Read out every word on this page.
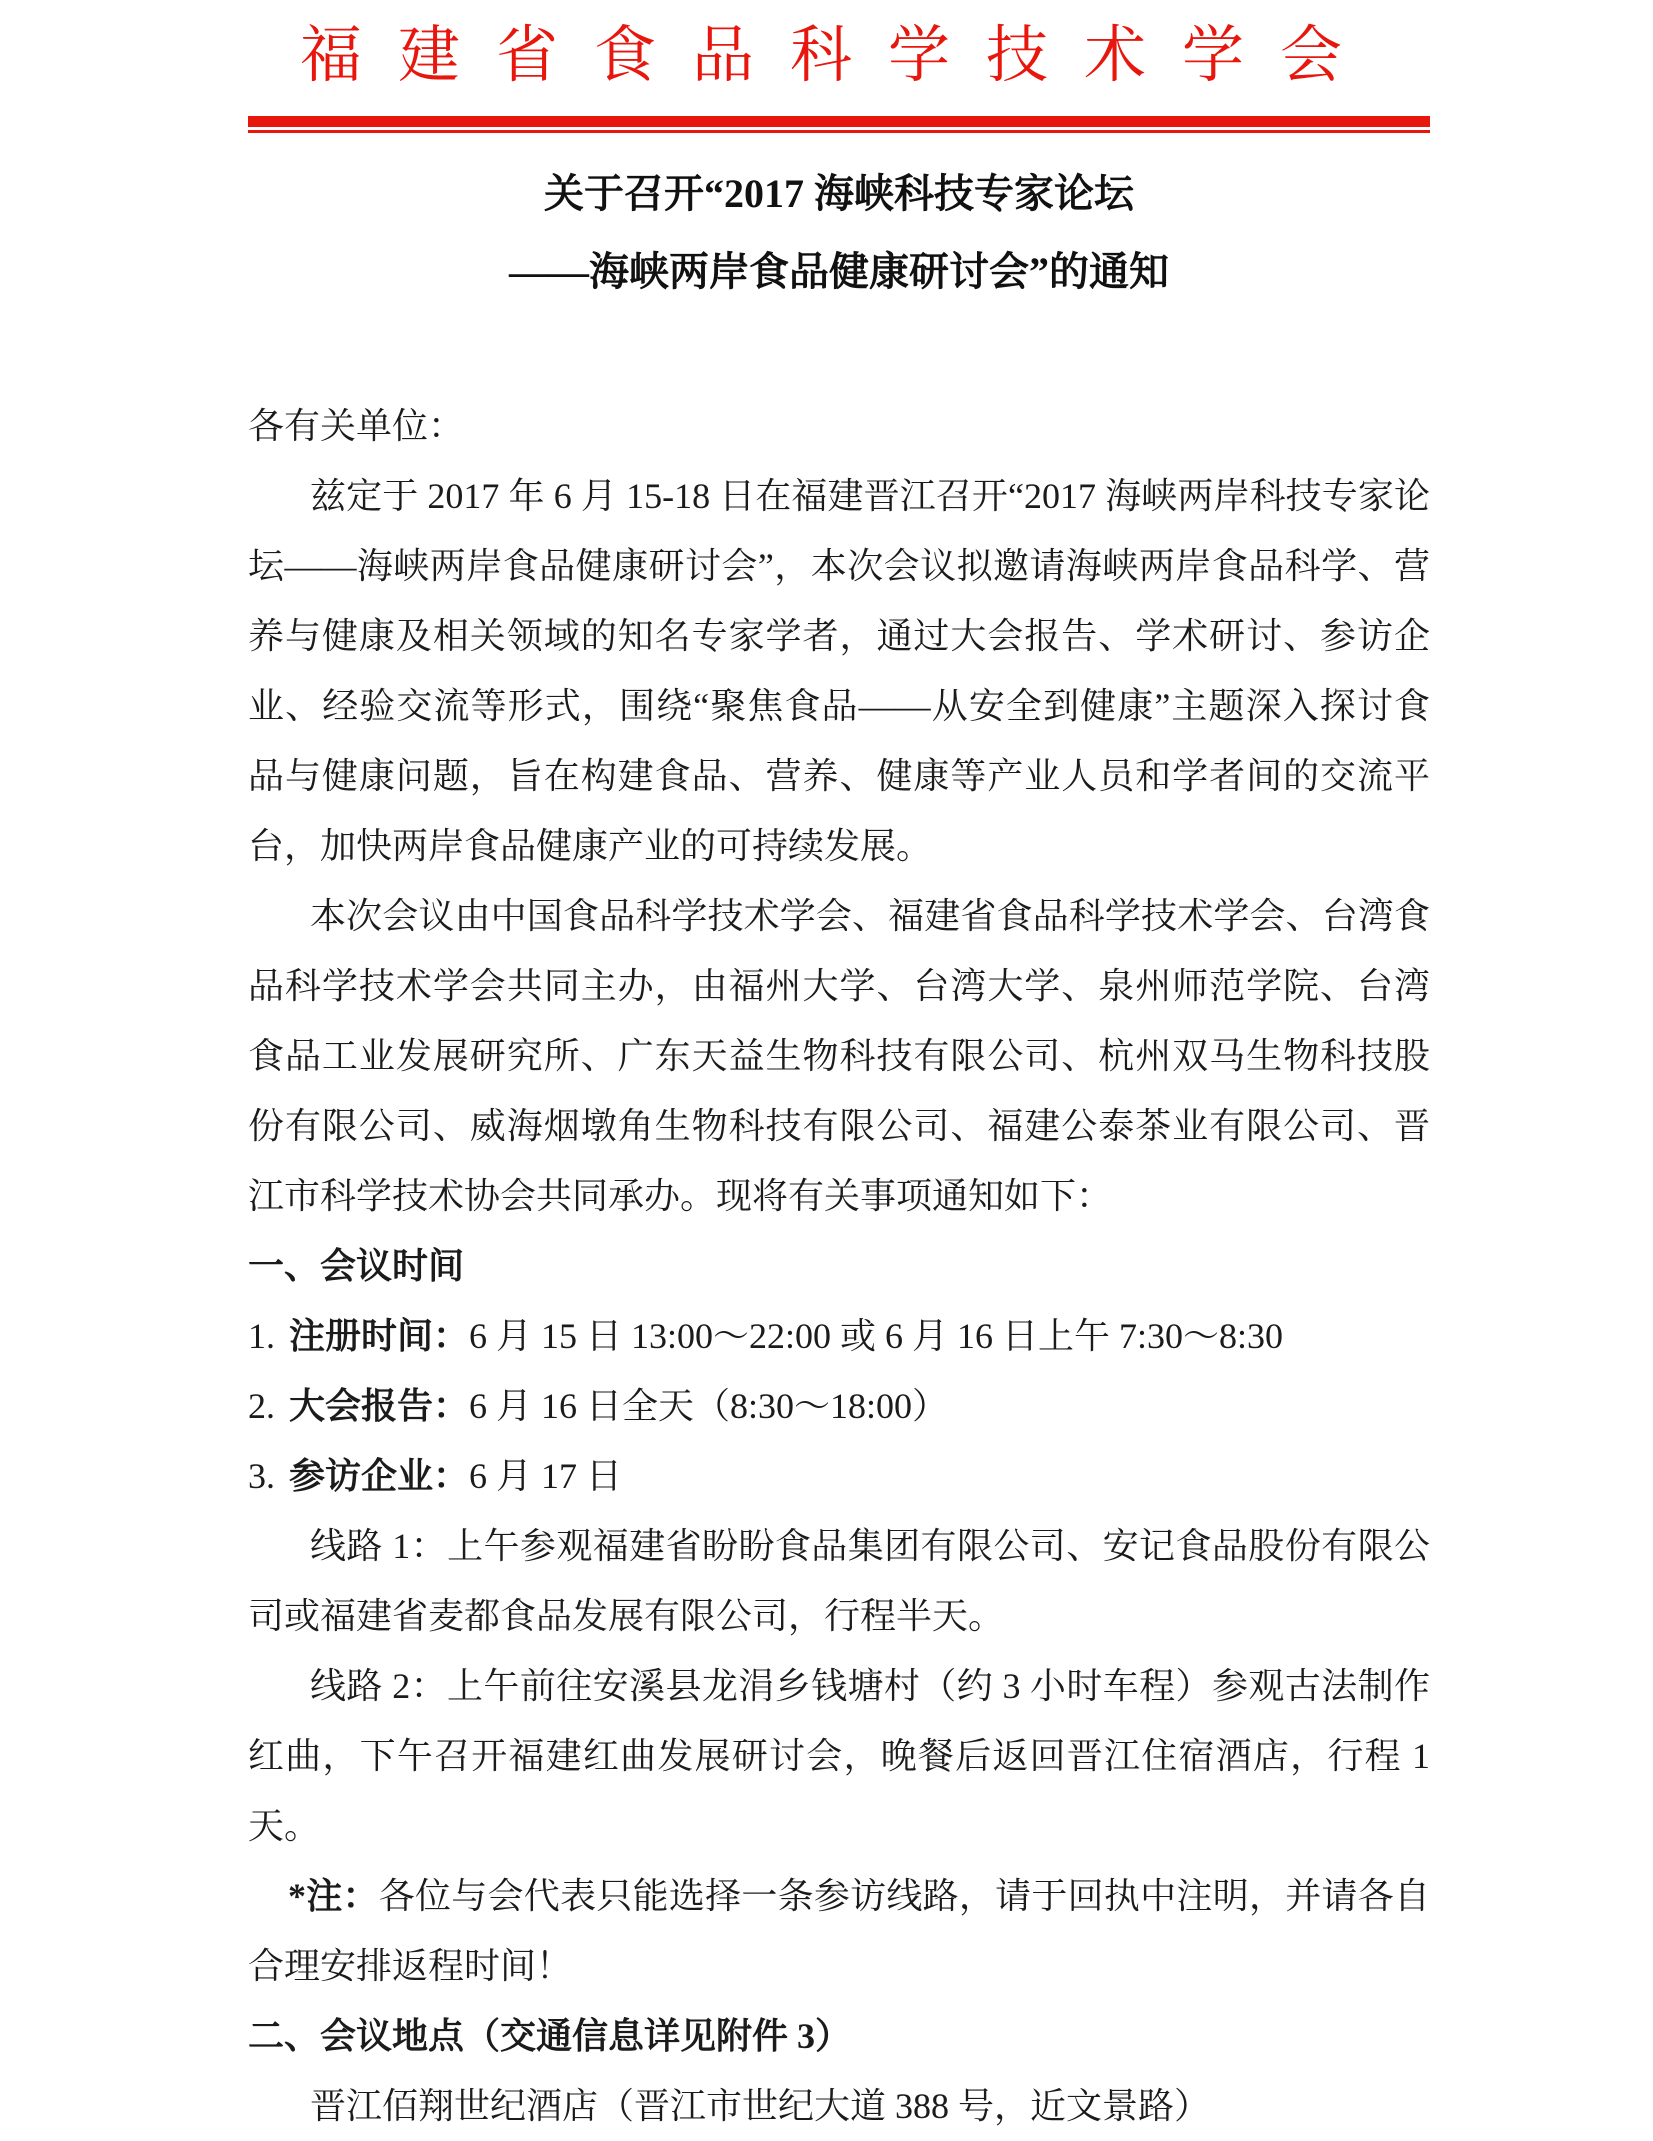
福建省食品科学技术学会
关于召开“2017 海峡科技专家论坛
——海峡两岸食品健康研讨会”的通知

各有关单位：

兹定于 2017 年 6 月 15-18 日在福建晋江召开“2017 海峡两岸科技专家论坛——海峡两岸食品健康研讨会”，本次会议拟邀请海峡两岸食品科学、营养与健康及相关领域的知名专家学者，通过大会报告、学术研讨、参访企业、经验交流等形式，围绕“聚焦食品——从安全到健康”主题深入探讨食品与健康问题，旨在构建食品、营养、健康等产业人员和学者间的交流平台，加快两岸食品健康产业的可持续发展。

本次会议由中国食品科学技术学会、福建省食品科学技术学会、台湾食品科学技术学会共同主办，由福州大学、台湾大学、泉州师范学院、台湾食品工业发展研究所、广东天益生物科技有限公司、杭州双马生物科技股份有限公司、威海烟墩角生物科技有限公司、福建公泰茶业有限公司、晋江市科学技术协会共同承办。现将有关事项通知如下：

一、会议时间

1. 注册时间：6 月 15 日 13:00～22:00 或 6 月 16 日上午 7:30～8:30

2. 大会报告：6 月 16 日全天（8:30～18:00）

3. 参访企业：6 月 17 日

线路 1：上午参观福建省盼盼食品集团有限公司、安记食品股份有限公司或福建省麦都食品发展有限公司，行程半天。

线路 2：上午前往安溪县龙涓乡钱塘村（约 3 小时车程）参观古法制作红曲，下午召开福建红曲发展研讨会，晚餐后返回晋江住宿酒店，行程 1 天。

*注：各位与会代表只能选择一条参访线路，请于回执中注明，并请各自合理安排返程时间！

二、会议地点（交通信息详见附件 3）

晋江佰翔世纪酒店（晋江市世纪大道 388 号，近文景路）
